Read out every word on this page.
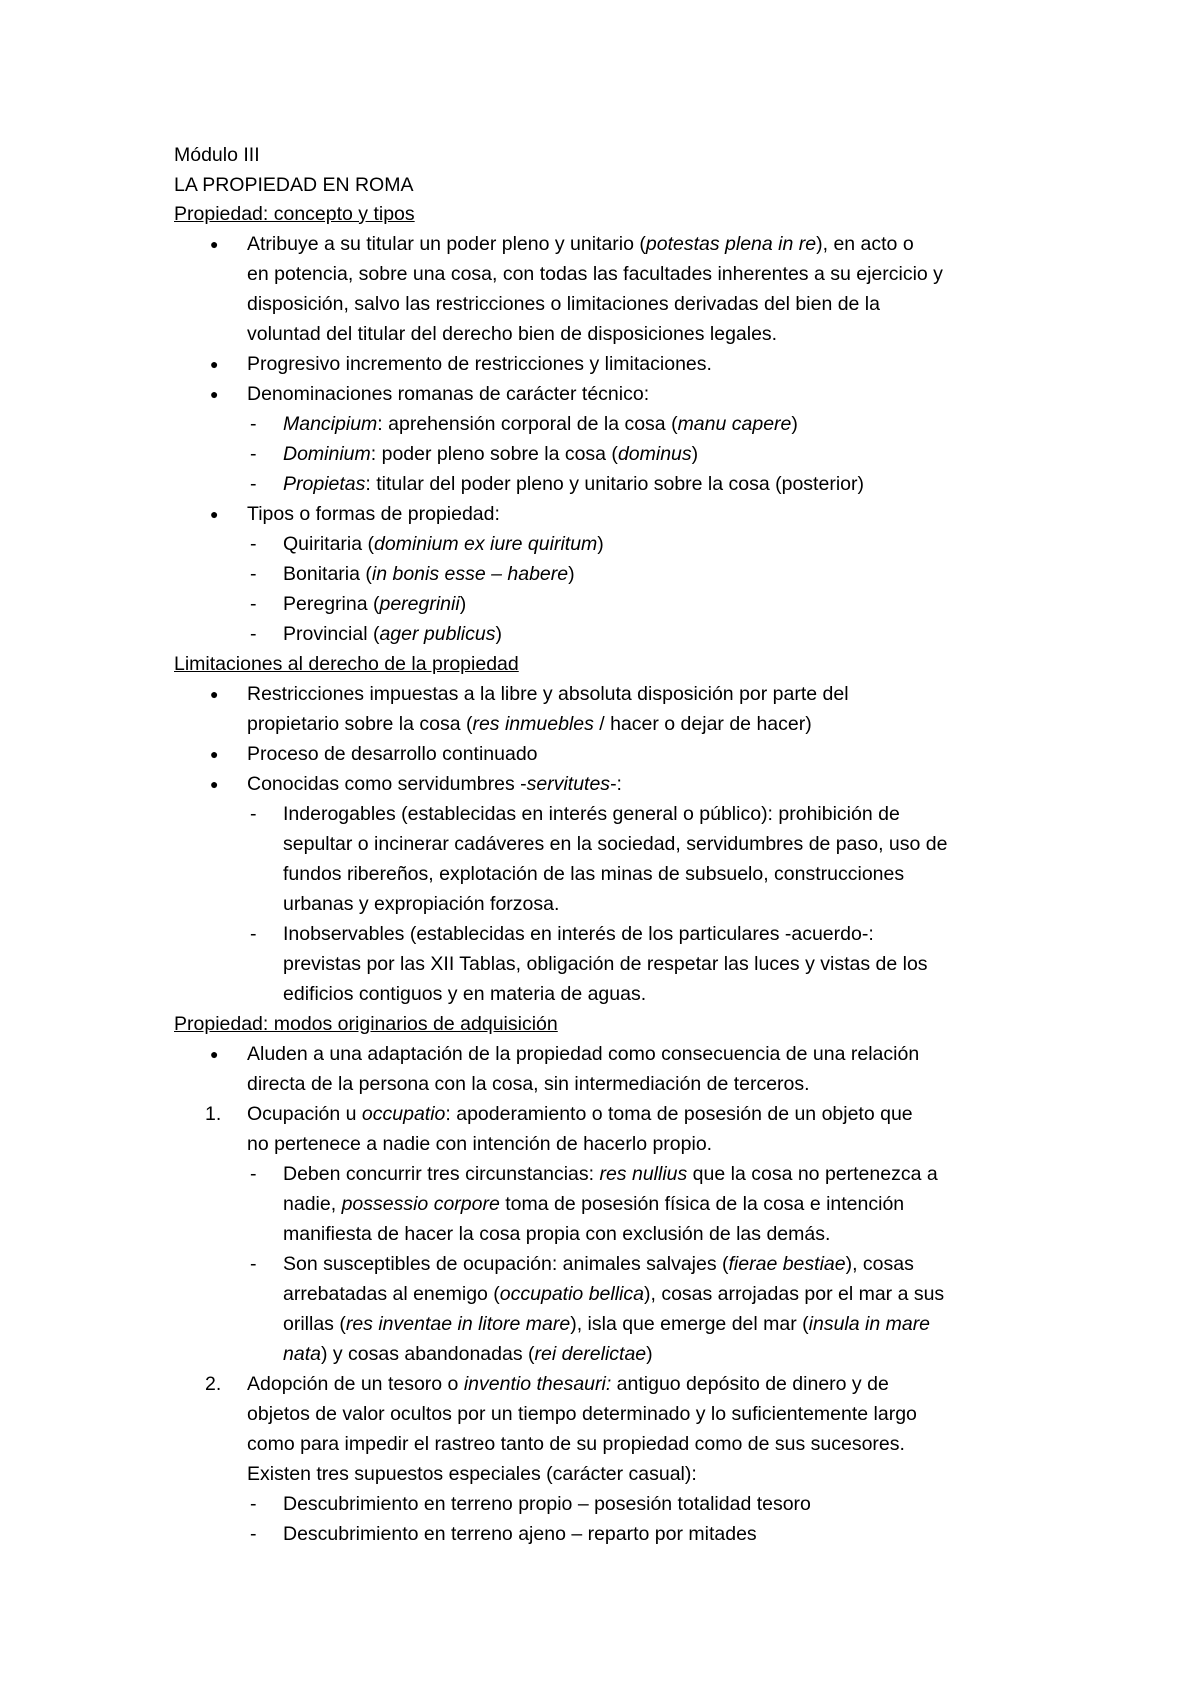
Módulo III
LA PROPIEDAD EN ROMA
Propiedad: concepto y tipos
● Atribuye a su titular un poder pleno y unitario (potestas plena in re), en acto o
en potencia, sobre una cosa, con todas las facultades inherentes a su ejercicio y
disposición, salvo las restricciones o limitaciones derivadas del bien de la
voluntad del titular del derecho bien de disposiciones legales.
● Progresivo incremento de restricciones y limitaciones.
● Denominaciones romanas de carácter técnico:
- Mancipium: aprehensión corporal de la cosa (manu capere)
- Dominium: poder pleno sobre la cosa (dominus)
- Propietas: titular del poder pleno y unitario sobre la cosa (posterior)
● Tipos o formas de propiedad:
- Quiritaria (dominium ex iure quiritum)
- Bonitaria (in bonis esse – habere)
- Peregrina (peregrinii)
- Provincial (ager publicus)
Limitaciones al derecho de la propiedad
● Restricciones impuestas a la libre y absoluta disposición por parte del
propietario sobre la cosa (res inmuebles / hacer o dejar de hacer)
● Proceso de desarrollo continuado
● Conocidas como servidumbres -servitutes-:
- Inderogables (establecidas en interés general o público): prohibición de
sepultar o incinerar cadáveres en la sociedad, servidumbres de paso, uso de
fundos ribereños, explotación de las minas de subsuelo, construcciones
urbanas y expropiación forzosa.
- Inobservables (establecidas en interés de los particulares -acuerdo-:
previstas por las XII Tablas, obligación de respetar las luces y vistas de los
edificios contiguos y en materia de aguas.
Propiedad: modos originarios de adquisición
● Aluden a una adaptación de la propiedad como consecuencia de una relación
directa de la persona con la cosa, sin intermediación de terceros.
1. Ocupación u occupatio: apoderamiento o toma de posesión de un objeto que
no pertenece a nadie con intención de hacerlo propio.
- Deben concurrir tres circunstancias: res nullius que la cosa no pertenezca a
nadie, possessio corpore toma de posesión física de la cosa e intención
manifiesta de hacer la cosa propia con exclusión de las demás.
- Son susceptibles de ocupación: animales salvajes (fierae bestiae), cosas
arrebatadas al enemigo (occupatio bellica), cosas arrojadas por el mar a sus
orillas (res inventae in litore mare), isla que emerge del mar (insula in mare
nata) y cosas abandonadas (rei derelictae)
2. Adopción de un tesoro o inventio thesauri: antiguo depósito de dinero y de
objetos de valor ocultos por un tiempo determinado y lo suficientemente largo
como para impedir el rastreo tanto de su propiedad como de sus sucesores.
Existen tres supuestos especiales (carácter casual):
- Descubrimiento en terreno propio – posesión totalidad tesoro
- Descubrimiento en terreno ajeno – reparto por mitades
